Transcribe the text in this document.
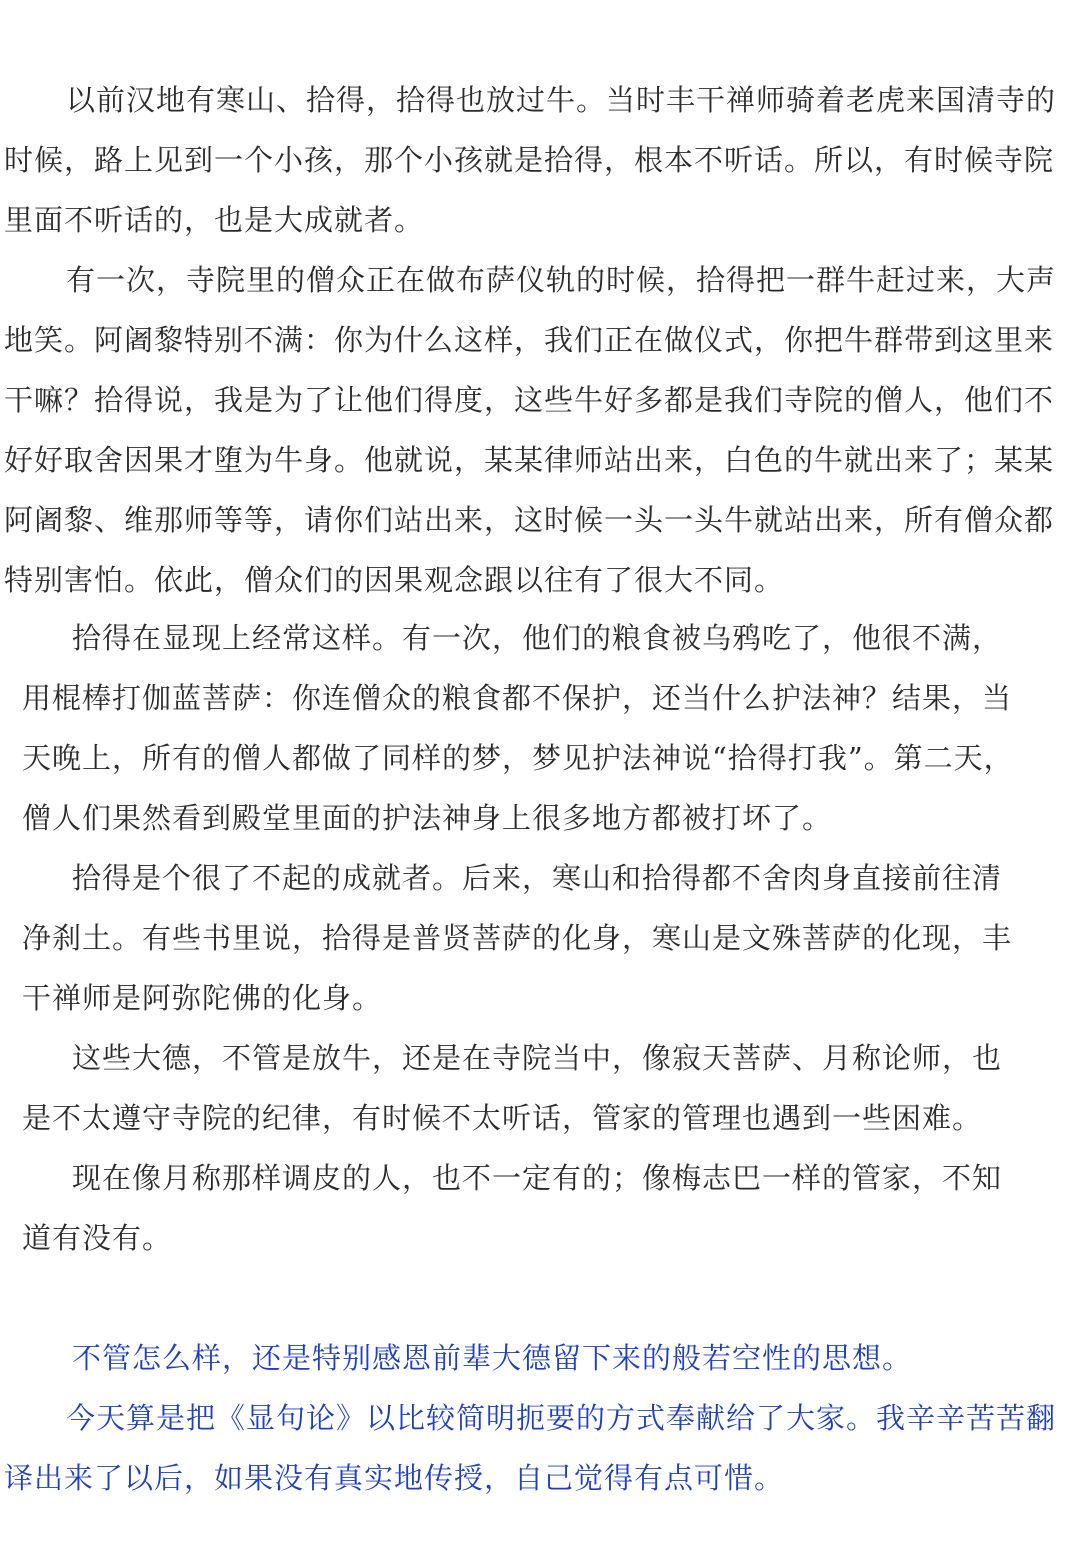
以前汉地有寒山、拾得，拾得也放过牛。当时丰干禅师骑着老虎来国清寺的
时候，路上见到一个小孩，那个小孩就是拾得，根本不听话。所以，有时候寺院
里面不听话的，也是大成就者。
有一次，寺院里的僧众正在做布萨仪轨的时候，拾得把一群牛赶过来，大声
地笑。阿阇黎特别不满：你为什么这样，我们正在做仪式，你把牛群带到这里来
干嘛？拾得说，我是为了让他们得度，这些牛好多都是我们寺院的僧人，他们不
好好取舍因果才堕为牛身。他就说，某某律师站出来，白色的牛就出来了；某某
阿阇黎、维那师等等，请你们站出来，这时候一头一头牛就站出来，所有僧众都
特别害怕。依此，僧众们的因果观念跟以往有了很大不同。
拾得在显现上经常这样。有一次，他们的粮食被乌鸦吃了，他很不满，
用棍棒打伽蓝菩萨：你连僧众的粮食都不保护，还当什么护法神？结果，当
天晚上，所有的僧人都做了同样的梦，梦见护法神说“拾得打我”。第二天，
僧人们果然看到殿堂里面的护法神身上很多地方都被打坏了。
拾得是个很了不起的成就者。后来，寒山和拾得都不舍肉身直接前往清
净刹土。有些书里说，拾得是普贤菩萨的化身，寒山是文殊菩萨的化现，丰
干禅师是阿弥陀佛的化身。
这些大德，不管是放牛，还是在寺院当中，像寂天菩萨、月称论师，也
是不太遵守寺院的纪律，有时候不太听话，管家的管理也遇到一些困难。
现在像月称那样调皮的人，也不一定有的；像梅志巴一样的管家，不知
道有没有。
不管怎么样，还是特别感恩前辈大德留下来的般若空性的思想。
今天算是把《显句论》以比较简明扼要的方式奉献给了大家。我辛辛苦苦翻
译出来了以后，如果没有真实地传授，自己觉得有点可惜。
